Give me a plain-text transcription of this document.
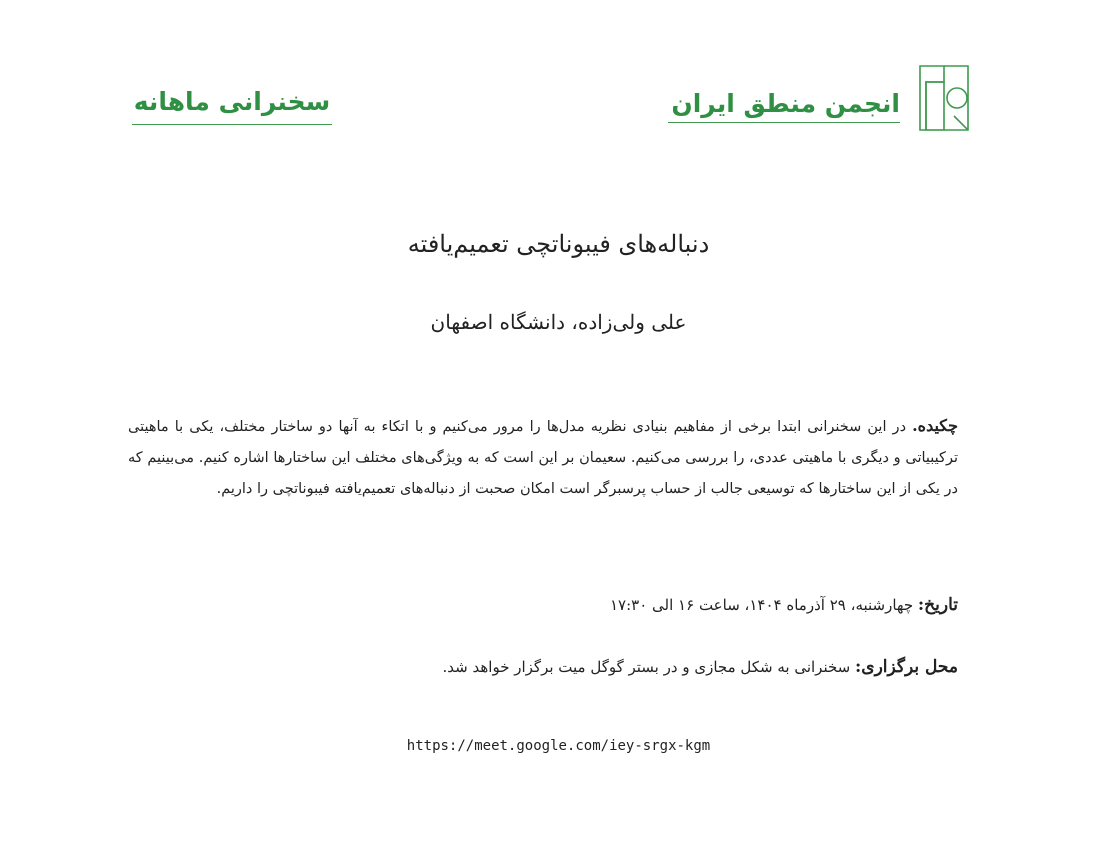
سخنرانی ماهانه	انجمن منطق ایران
دنباله‌های فیبوناتچی تعمیم‌یافته
علی ولی‌زاده، دانشگاه اصفهان
چکیده. در این سخنرانی ابتدا برخی از مفاهیم بنیادی نظریه مدل‌ها را مرور می‌کنیم و با اتکاء به آنها دو ساختار مختلف، یکی با ماهیتی ترکیبیاتی و دیگری با ماهیتی عددی، را بررسی می‌کنیم. سعیمان بر این است که به ویژگی‌های مختلف این ساختارها اشاره کنیم. می‌بینیم که در یکی از این ساختارها که توسیعی جالب از حساب پرسبرگر است امکان صحبت از دنباله‌های تعمیم‌یافته فیبوناتچی را داریم.
تاریخ: چهارشنبه، ۲۹ آذرماه ۱۴۰۴، ساعت ۱۶ الی ۱۷:۳۰
محل برگزاری: سخنرانی به شکل مجازی و در بستر گوگل میت برگزار خواهد شد.
https://meet.google.com/iey-srgx-kgm
